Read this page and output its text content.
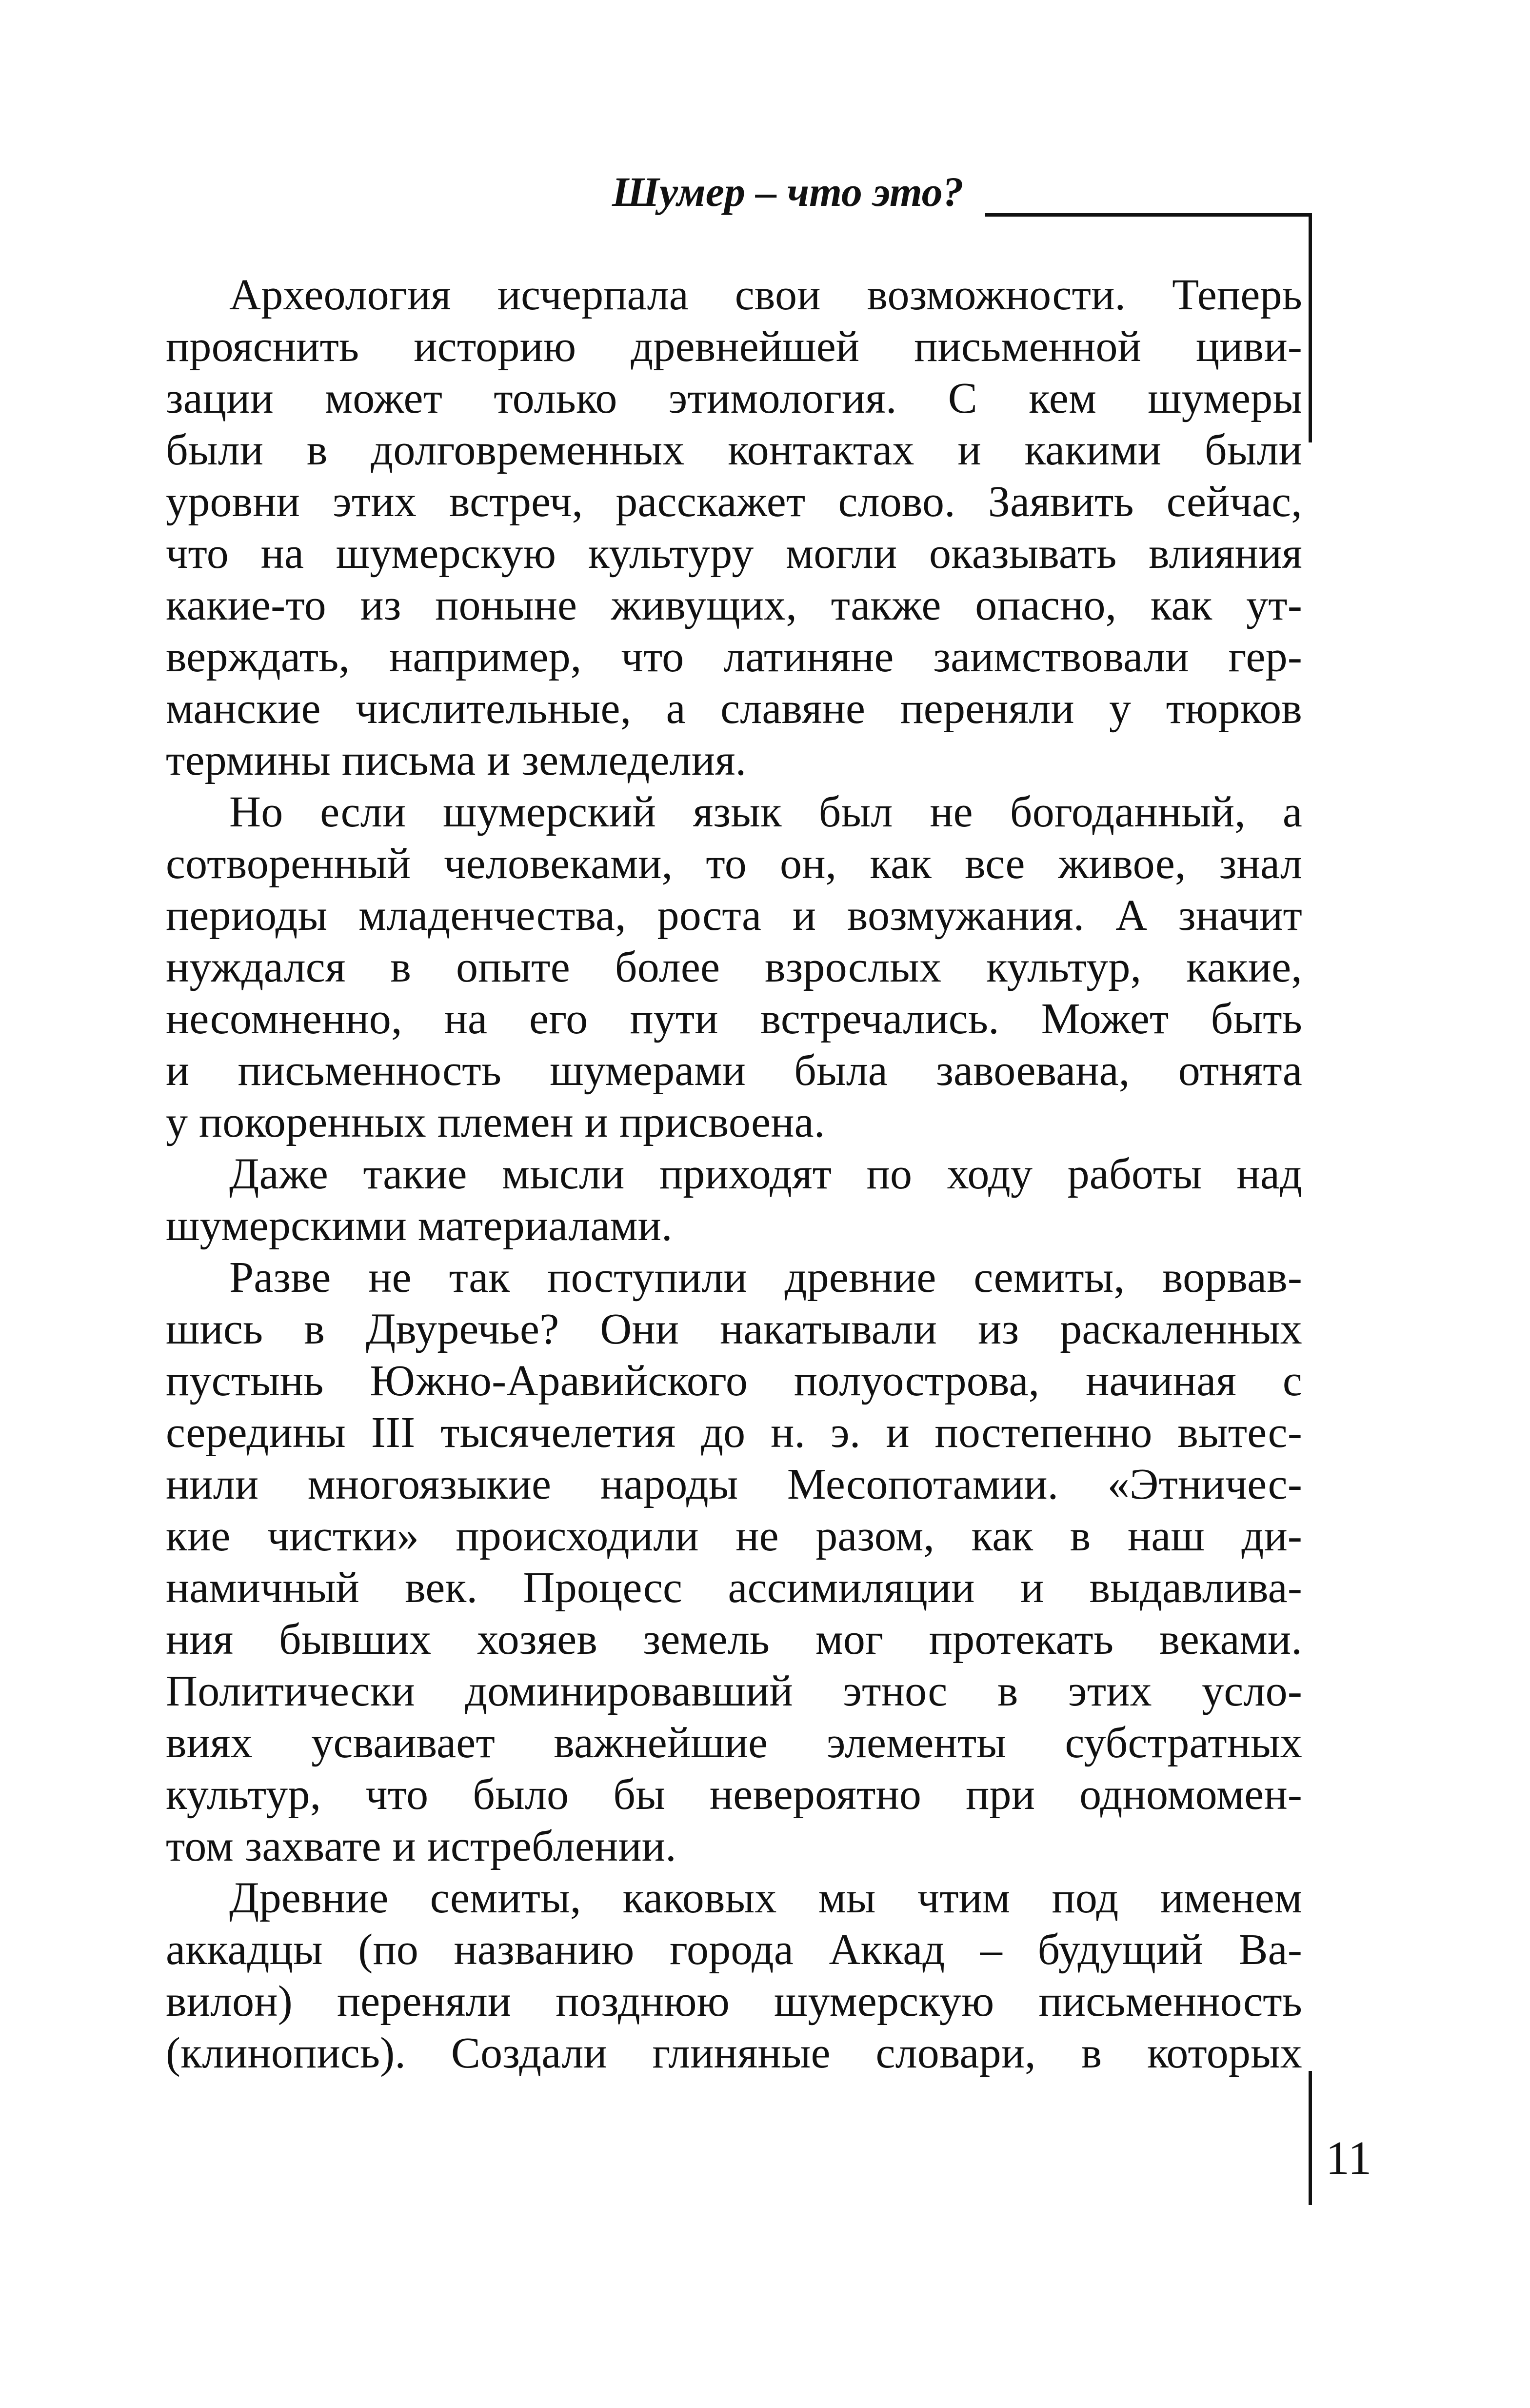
Шумер – что это?
Археология исчерпала свои возможности. Теперь
прояснить историю древнейшей письменной циви-
зации может только этимология. С кем шумеры
были в долговременных контактах и какими были
уровни этих встреч, расскажет слово. Заявить сейчас,
что на шумерскую культуру могли оказывать влияния
какие-то из поныне живущих, также опасно, как ут-
верждать, например, что латиняне заимствовали гер-
манские числительные, а славяне переняли у тюрков
термины письма и земледелия.
Но если шумерский язык был не богоданный, а
сотворенный человеками, то он, как все живое, знал
периоды младенчества, роста и возмужания. А значит
нуждался в опыте более взрослых культур, какие,
несомненно, на его пути встречались. Может быть
и письменность шумерами была завоевана, отнята
у покоренных племен и присвоена.
Даже такие мысли приходят по ходу работы над
шумерскими материалами.
Разве не так поступили древние семиты, ворвав-
шись в Двуречье? Они накатывали из раскаленных
пустынь Южно-Аравийского полуострова, начиная с
середины III тысячелетия до н. э. и постепенно вытес-
нили многоязыкие народы Месопотамии. «Этничес-
кие чистки» происходили не разом, как в наш ди-
намичный век. Процесс ассимиляции и выдавлива-
ния бывших хозяев земель мог протекать веками.
Политически доминировавший этнос в этих усло-
виях усваивает важнейшие элементы субстратных
культур, что было бы невероятно при одномомен-
том захвате и истреблении.
Древние семиты, каковых мы чтим под именем
аккадцы (по названию города Аккад – будущий Ва-
вилон) переняли позднюю шумерскую письменность
(клинопись). Создали глиняные словари, в которых
11
